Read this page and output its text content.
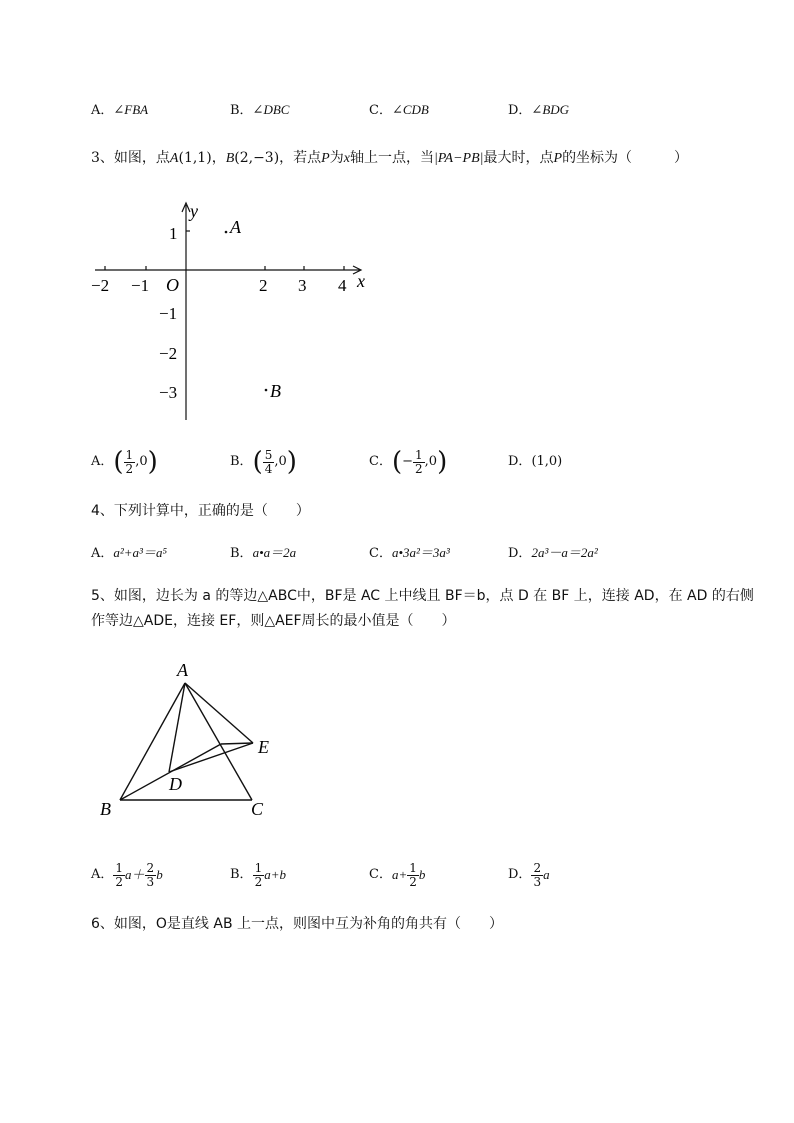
A．∠FBA	B．∠DBC	C．∠CDB	D．∠BDG
3、如图，点A(1,1)，B(2,−3)，若点P为x轴上一点，当|PA−PB|最大时，点P的坐标为（　　　）
y
x
O
−2 −1	2 3 4
1
−1
−2
−3
A
B
A． ( $\frac{1}{2} ,0$ )	B． ( $\frac{5}{4} ,0$ )	C． ( − $\frac{1}{2} ,0$ )	D． (1,0)
4、下列计算中，正确的是（　　）
A．a²+a³＝a⁵	B．a•a＝2a	C．a•3a²＝3a³	D．2a³－a＝2a²
5、如图，边长为 a 的等边△ABC中，BF是 AC 上中线且 BF＝b，点 D 在 BF 上，连接 AD，在 AD 的右侧
作等边△ADE，连接 EF，则△AEF周长的最小值是（　　）
A
B	C
D
E
A． $\frac{1}{2} a+ \frac{2}{3}$ b	B． $\frac{1}{2} a+b$	C． $a+ \frac{1}{2}$ b	D． $\frac{2}{3}$ a
6、如图，O是直线 AB 上一点，则图中互为补角的角共有（　　）
